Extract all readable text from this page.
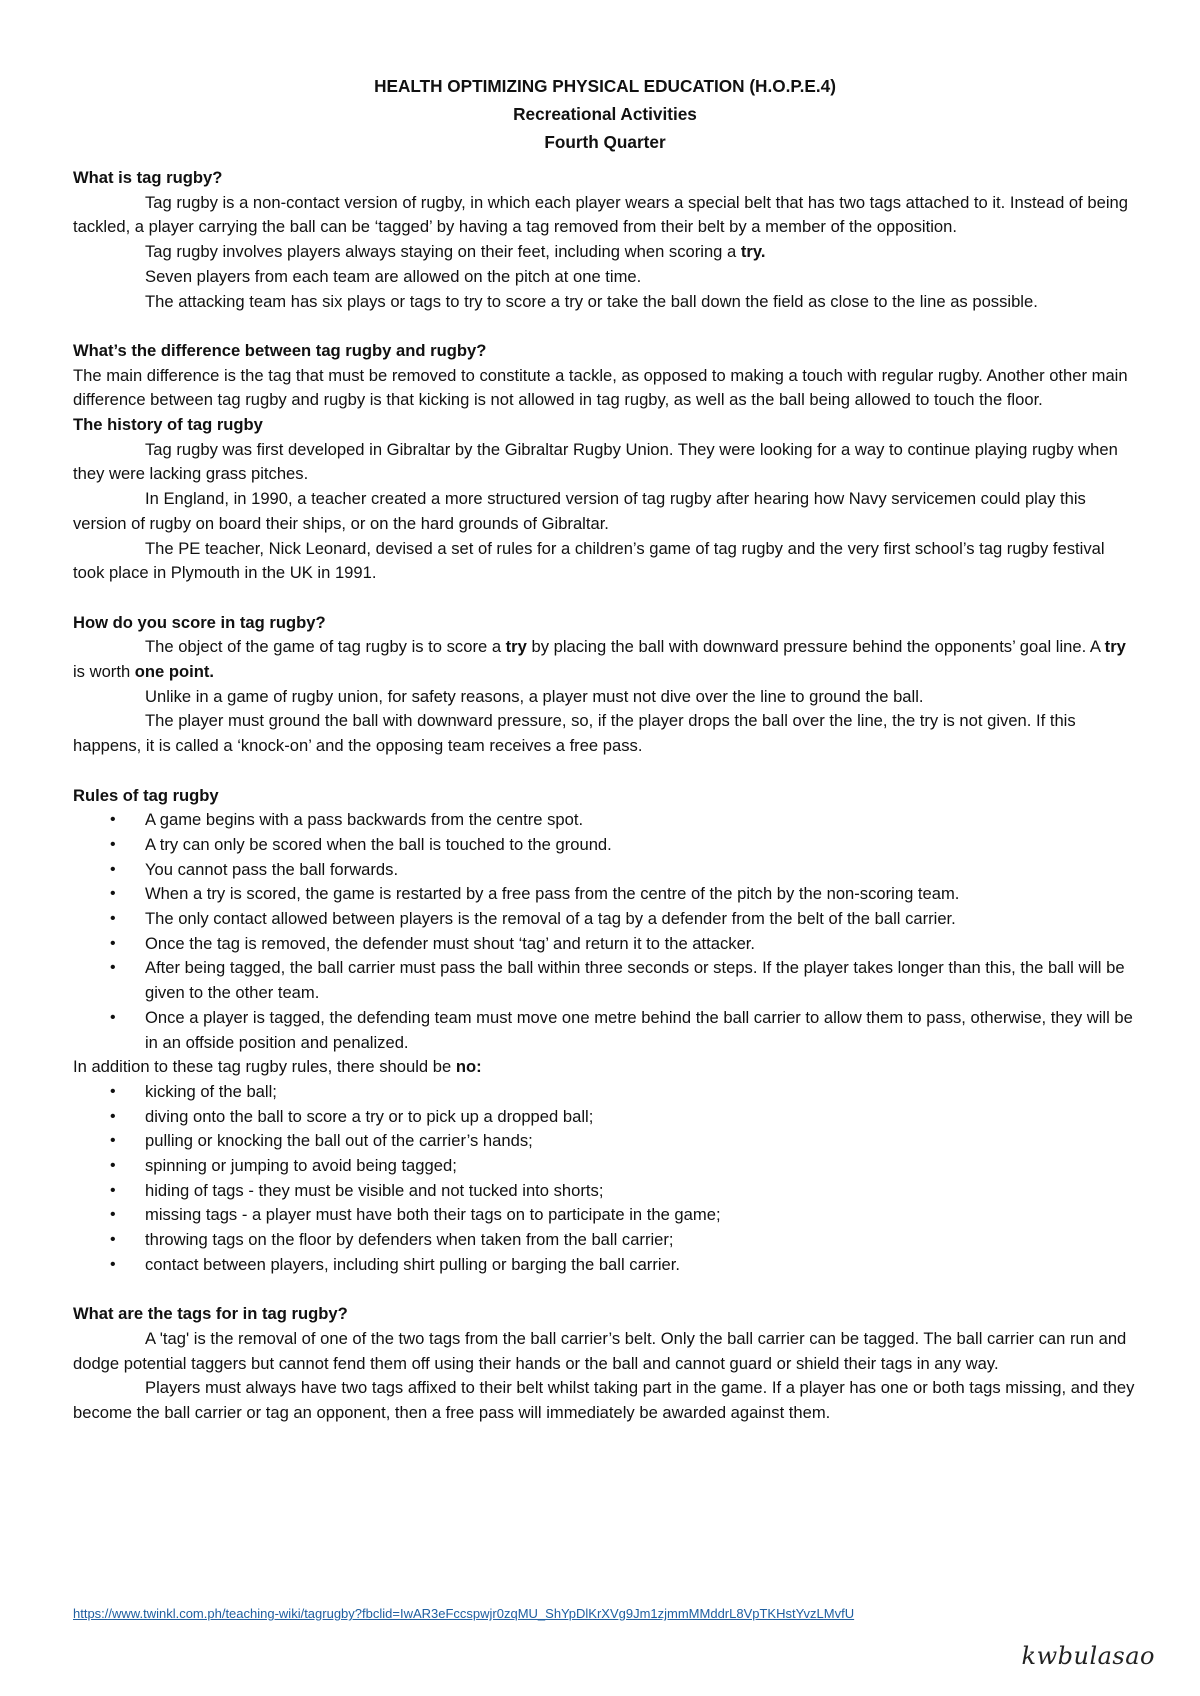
HEALTH OPTIMIZING PHYSICAL EDUCATION (H.O.P.E.4)
Recreational Activities
Fourth Quarter
What is tag rugby?

Tag rugby is a non-contact version of rugby, in which each player wears a special belt that has two tags attached to it. Instead of being tackled, a player carrying the ball can be ‘tagged’ by having a tag removed from their belt by a member of the opposition.

Tag rugby involves players always staying on their feet, including when scoring a try.

Seven players from each team are allowed on the pitch at one time.

The attacking team has six plays or tags to try to score a try or take the ball down the field as close to the line as possible.

What’s the difference between tag rugby and rugby?

The main difference is the tag that must be removed to constitute a tackle, as opposed to making a touch with regular rugby. Another other main difference between tag rugby and rugby is that kicking is not allowed in tag rugby, as well as the ball being allowed to touch the floor.

The history of tag rugby

Tag rugby was first developed in Gibraltar by the Gibraltar Rugby Union. They were looking for a way to continue playing rugby when they were lacking grass pitches.

In England, in 1990, a teacher created a more structured version of tag rugby after hearing how Navy servicemen could play this version of rugby on board their ships, or on the hard grounds of Gibraltar.

The PE teacher, Nick Leonard, devised a set of rules for a children’s game of tag rugby and the very first school’s tag rugby festival took place in Plymouth in the UK in 1991.

How do you score in tag rugby?

The object of the game of tag rugby is to score a try by placing the ball with downward pressure behind the opponents’ goal line. A try is worth one point.

Unlike in a game of rugby union, for safety reasons, a player must not dive over the line to ground the ball.

The player must ground the ball with downward pressure, so, if the player drops the ball over the line, the try is not given. If this happens, it is called a ‘knock-on’ and the opposing team receives a free pass.

Rules of tag rugby
• A game begins with a pass backwards from the centre spot.
• A try can only be scored when the ball is touched to the ground.
• You cannot pass the ball forwards.
• When a try is scored, the game is restarted by a free pass from the centre of the pitch by the non-scoring team.
• The only contact allowed between players is the removal of a tag by a defender from the belt of the ball carrier.
• Once the tag is removed, the defender must shout ‘tag’ and return it to the attacker.
• After being tagged, the ball carrier must pass the ball within three seconds or steps. If the player takes longer than this, the ball will be given to the other team.
• Once a player is tagged, the defending team must move one metre behind the ball carrier to allow them to pass, otherwise, they will be in an offside position and penalized.

In addition to these tag rugby rules, there should be no:

• kicking of the ball;
• diving onto the ball to score a try or to pick up a dropped ball;
• pulling or knocking the ball out of the carrier’s hands;
• spinning or jumping to avoid being tagged;
• hiding of tags - they must be visible and not tucked into shorts;
• missing tags - a player must have both their tags on to participate in the game;
• throwing tags on the floor by defenders when taken from the ball carrier;
• contact between players, including shirt pulling or barging the ball carrier.
What are the tags for in tag rugby?

A 'tag' is the removal of one of the two tags from the ball carrier’s belt. Only the ball carrier can be tagged. The ball carrier can run and dodge potential taggers but cannot fend them off using their hands or the ball and cannot guard or shield their tags in any way.

Players must always have two tags affixed to their belt whilst taking part in the game. If a player has one or both tags missing, and they become the ball carrier or tag an opponent, then a free pass will immediately be awarded against them.

https://www.twinkl.com.ph/teaching-wiki/tagrugby?fbclid=IwAR3eFccspwjr0zqMU_ShYpDlKrXVg9Jm1zjmmMMddrL8VpTKHstYvzLMvfU
kwbulasao
